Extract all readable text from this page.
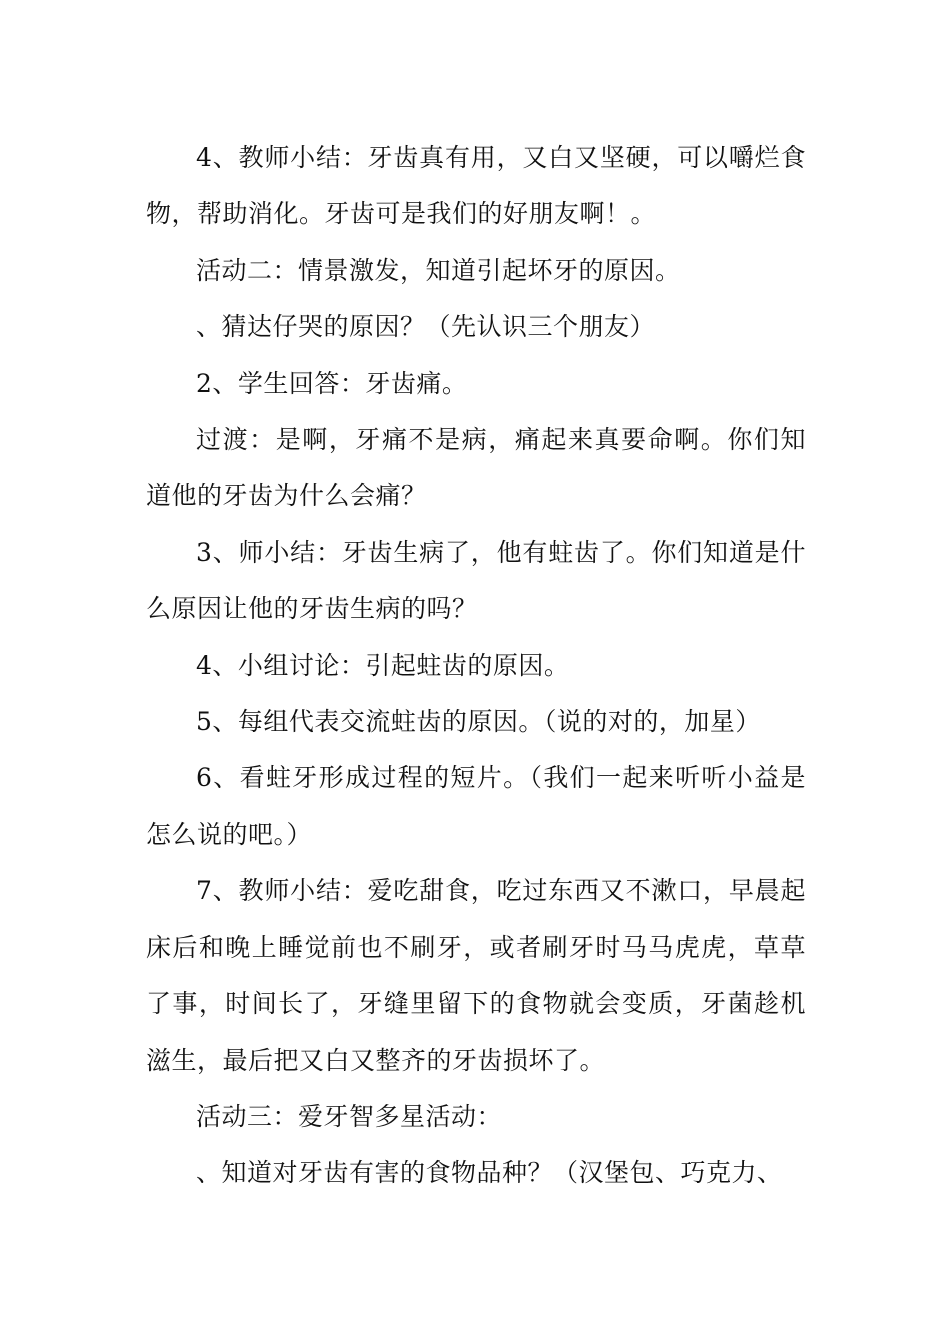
4、教师小结：牙齿真有用，又白又坚硬，可以嚼烂食物，帮助消化。牙齿可是我们的好朋友啊！。

活动二：情景激发，知道引起坏牙的原因。

、猜达仔哭的原因？（先认识三个朋友）

2、学生回答：牙齿痛。

过渡：是啊，牙痛不是病，痛起来真要命啊。你们知道他的牙齿为什么会痛？

3、师小结：牙齿生病了，他有蛀齿了。你们知道是什么原因让他的牙齿生病的吗？

4、小组讨论：引起蛀齿的原因。

5、每组代表交流蛀齿的原因。（说的对的，加星）

6、看蛀牙形成过程的短片。（我们一起来听听小益是怎么说的吧。）

7、教师小结：爱吃甜食，吃过东西又不漱口，早晨起床后和晚上睡觉前也不刷牙，或者刷牙时马马虎虎，草草了事，时间长了，牙缝里留下的食物就会变质，牙菌趁机滋生，最后把又白又整齐的牙齿损坏了。

活动三：爱牙智多星活动：

、知道对牙齿有害的食物品种？（汉堡包、巧克力、
